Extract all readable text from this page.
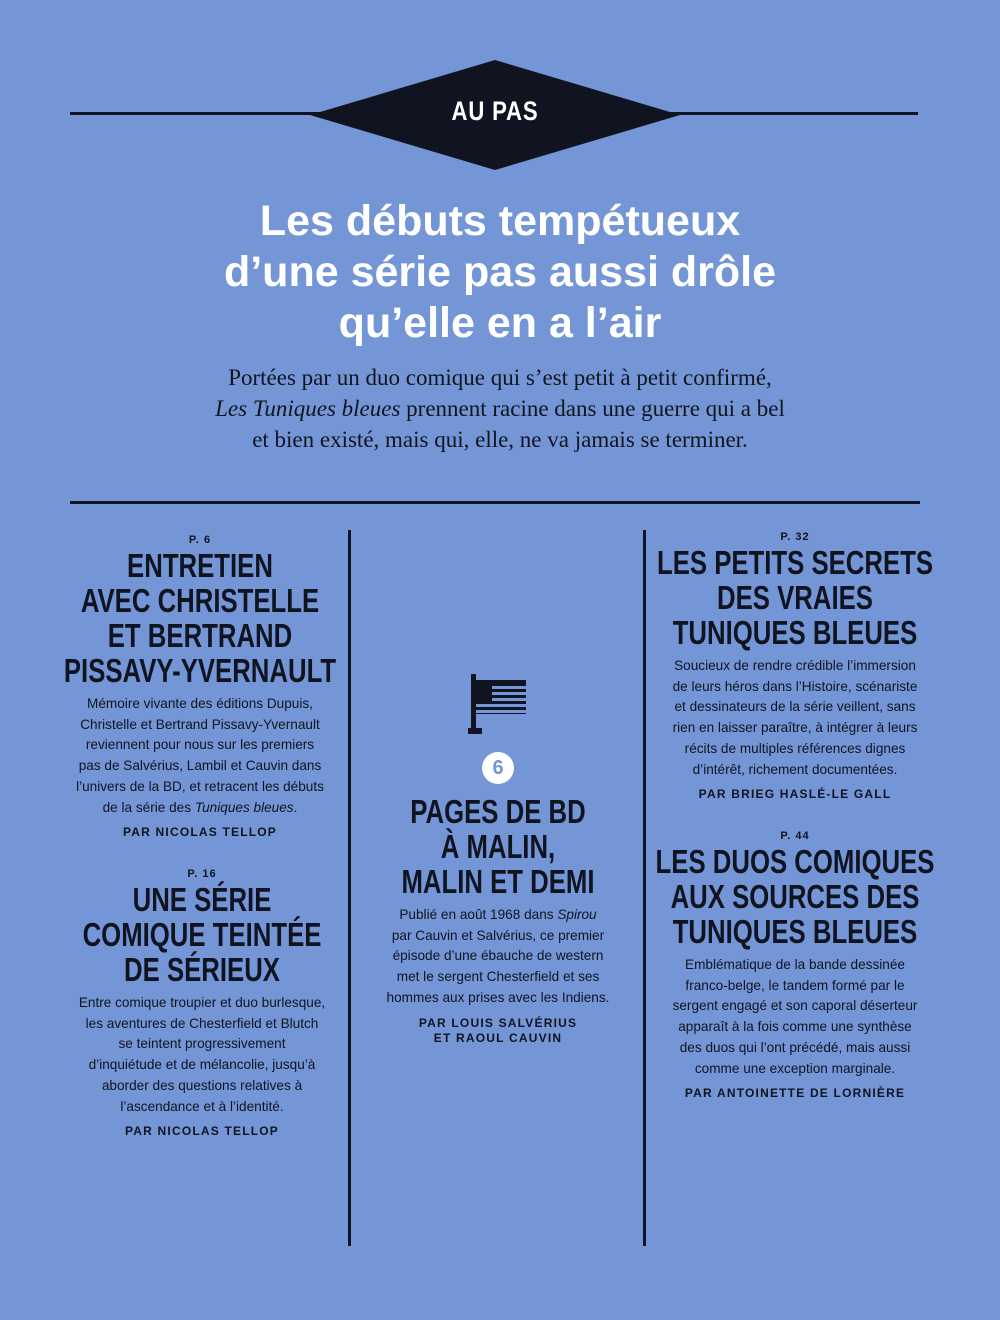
AU PAS
Les débuts tempétueux
d’une série pas aussi drôle
qu’elle en a l’air
Portées par un duo comique qui s’est petit à petit confirmé,
Les Tuniques bleues prennent racine dans une guerre qui a bel
et bien existé, mais qui, elle, ne va jamais se terminer.
P. 6
ENTRETIEN
AVEC CHRISTELLE
ET BERTRAND
PISSAVY-YVERNAULT
Mémoire vivante des éditions Dupuis,
Christelle et Bertrand Pissavy-Yvernault
reviennent pour nous sur les premiers
pas de Salvérius, Lambil et Cauvin dans
l’univers de la BD, et retracent les débuts
de la série des Tuniques bleues.
PAR NICOLAS TELLOP
P. 16
UNE SÉRIE
COMIQUE TEINTÉE
DE SÉRIEUX
Entre comique troupier et duo burlesque,
les aventures de Chesterfield et Blutch
se teintent progressivement
d’inquiétude et de mélancolie, jusqu’à
aborder des questions relatives à
l’ascendance et à l’identité.
PAR NICOLAS TELLOP
6
PAGES DE BD
À MALIN,
MALIN ET DEMI
Publié en août 1968 dans Spirou
par Cauvin et Salvérius, ce premier
épisode d’une ébauche de western
met le sergent Chesterfield et ses
hommes aux prises avec les Indiens.
PAR LOUIS SALVÉRIUS
ET RAOUL CAUVIN
P. 32
LES PETITS SECRETS
DES VRAIES
TUNIQUES BLEUES
Soucieux de rendre crédible l’immersion
de leurs héros dans l’Histoire, scénariste
et dessinateurs de la série veillent, sans
rien en laisser paraître, à intégrer à leurs
récits de multiples références dignes
d’intérêt, richement documentées.
PAR BRIEG HASLÉ-LE GALL
P. 44
LES DUOS COMIQUES
AUX SOURCES DES
TUNIQUES BLEUES
Emblématique de la bande dessinée
franco-belge, le tandem formé par le
sergent engagé et son caporal déserteur
apparaît à la fois comme une synthèse
des duos qui l’ont précédé, mais aussi
comme une exception marginale.
PAR ANTOINETTE DE LORNIÈRE
